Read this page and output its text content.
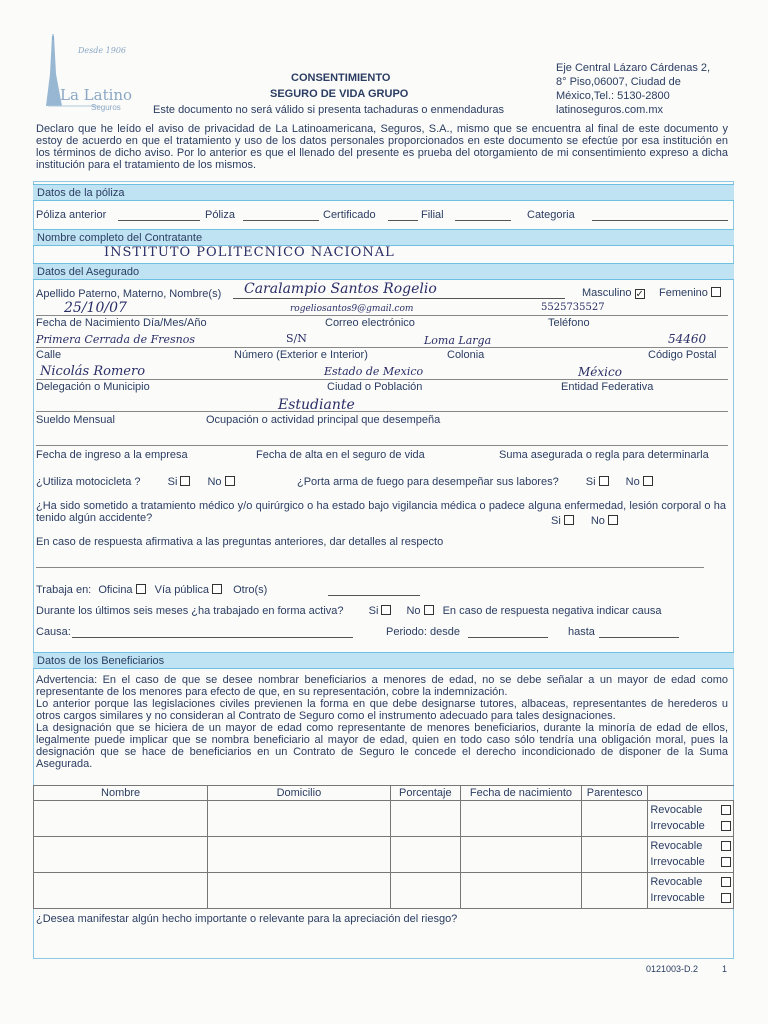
Desde 1906
La Latino
Seguros
CONSENTIMIENTO
SEGURO DE VIDA GRUPO
Este documento no será válido si presenta tachaduras o enmendaduras
Eje Central Lázaro Cárdenas 2,
8° Piso,06007, Ciudad de
México,Tel.: 5130-2800
latinoseguros.com.mx
Declaro que he leído el aviso de privacidad de La Latinoamericana, Seguros, S.A., mismo que se encuentra al final de este documento y estoy de acuerdo en que el tratamiento y uso de los datos personales proporcionados en este documento se efectúe por esa institución en los términos de dicho aviso. Por lo anterior es que el llenado del presente es prueba del otorgamiento de mi consentimiento expreso a dicha institución para el tratamiento de los mismos.
Datos de la póliza
Póliza anterior	Póliza	Certificado	Filial	Categoria
Nombre completo del Contratante
INSTITUTO POLITECNICO NACIONAL
Datos del Asegurado
Apellido Paterno, Materno, Nombre(s) Caralampio Santos Rogelio	Masculino ✓	Femenino
25/10/07	rogeliosantos9@gmail.com	5525735527
Fecha de Nacimiento Día/Mes/Año	Correo electrónico	Teléfono
Primera Cerrada de Fresnos	S/N	Loma Larga	54460
Calle	Número (Exterior e Interior)	Colonia	Código Postal
Nicolás Romero	Estado de Mexico	México
Delegación o Municipio	Ciudad o Población	Entidad Federativa
Estudiante
Sueldo Mensual	Ocupación o actividad principal que desempeña
Fecha de ingreso a la empresa	Fecha de alta en el seguro de vida	Suma asegurada o regla para determinarla
¿Utiliza motocicleta ? Si	No	¿Porta arma de fuego para desempeñar sus labores? Si	No
¿Ha sido sometido a tratamiento médico y/o quirúrgico o ha estado bajo vigilancia médica o padece alguna enfermedad, lesión corporal o ha tenido algún accidente?	Si	No
En caso de respuesta afirmativa a las preguntas anteriores, dar detalles al respecto
Trabaja en: Oficina Vía pública Otro(s)
Durante los últimos seis meses ¿ha trabajado en forma activa? Si	No En caso de respuesta negativa indicar causa
Causa:	Periodo: desde	hasta
Datos de los Beneficiarios
Advertencia: En el caso de que se desee nombrar beneficiarios a menores de edad, no se debe señalar a un mayor de edad como representante de los menores para efecto de que, en su representación, cobre la indemnización.
Lo anterior porque las legislaciones civiles previenen la forma en que debe designarse tutores, albaceas, representantes de herederos u otros cargos similares y no consideran al Contrato de Seguro como el instrumento adecuado para tales designaciones.
La designación que se hiciera de un mayor de edad como representante de menores beneficiarios, durante la minoría de edad de ellos, legalmente puede implicar que se nombra beneficiario al mayor de edad, quien en todo caso sólo tendría una obligación moral, pues la designación que se hace de beneficiarios en un Contrato de Seguro le concede el derecho incondicionado de disponer de la Suma Asegurada.
Nombre	Domicilio	Porcentaje	Fecha de nacimiento	Parentesco	

					Revocable
Irrevocable

					Revocable
Irrevocable

					Revocable
Irrevocable
¿Desea manifestar algún hecho importante o relevante para la apreciación del riesgo?
0121003-D.2	1
